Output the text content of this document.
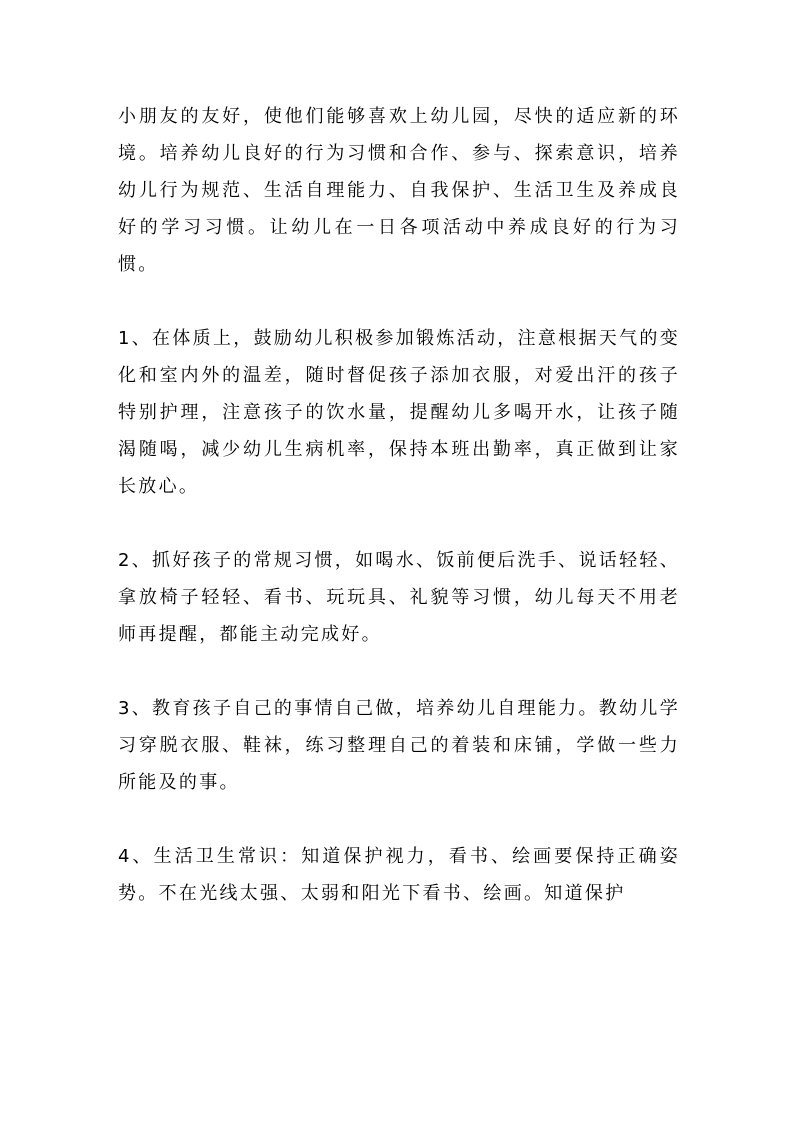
小朋友的友好，使他们能够喜欢上幼儿园，尽快的适应新的环境。培养幼儿良好的行为习惯和合作、参与、探索意识，培养幼儿行为规范、生活自理能力、自我保护、生活卫生及养成良好的学习习惯。让幼儿在一日各项活动中养成良好的行为习惯。

1、在体质上，鼓励幼儿积极参加锻炼活动，注意根据天气的变化和室内外的温差，随时督促孩子添加衣服，对爱出汗的孩子特别护理，注意孩子的饮水量，提醒幼儿多喝开水，让孩子随渴随喝，减少幼儿生病机率，保持本班出勤率，真正做到让家长放心。

2、抓好孩子的常规习惯，如喝水、饭前便后洗手、说话轻轻、拿放椅子轻轻、看书、玩玩具、礼貌等习惯，幼儿每天不用老师再提醒，都能主动完成好。

3、教育孩子自己的事情自己做，培养幼儿自理能力。教幼儿学习穿脱衣服、鞋袜，练习整理自己的着装和床铺，学做一些力所能及的事。

4、生活卫生常识：知道保护视力，看书、绘画要保持正确姿势。不在光线太强、太弱和阳光下看书、绘画。知道保护
